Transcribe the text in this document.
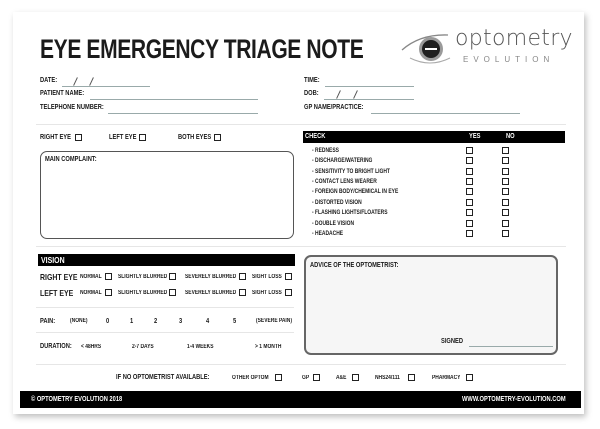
EYE EMERGENCY TRIAGE NOTE	optometry
EVOLUTION
DATE:
PATIENT NAME:
TELEPHONE NUMBER:
TIME:
DOB:
GP NAME/PRACTICE:
RIGHT EYE	LEFT EYE	BOTH EYES
MAIN COMPLAINT:
CHECK	YES	NO
- REDNESS
- DISCHARGE/WATERING
- SENSITIVITY TO BRIGHT LIGHT
- CONTACT LENS WEARER
- FOREIGN BODY/CHEMICAL IN EYE
- DISTORTED VISION
- FLASHING LIGHTS/FLOATERS
- DOUBLE VISION
- HEADACHE
VISION
RIGHT EYE NORMAL	SLIGHTLY BLURRED	SEVERELY BLURRED	SIGHT LOSS
LEFT EYE NORMAL	SLIGHTLY BLURRED	SEVERELY BLURRED	SIGHT LOSS
PAIN: (NONE)	0	1	2	3	4	5	(SEVERE PAIN)
DURATION: < 48HRS	2-7 DAYS	1-4 WEEKS	> 1 MONTH
ADVICE OF THE OPTOMETRIST:
SIGNED
IF NO OPTOMETRIST AVAILABLE:	OTHER OPTOM	GP	A&E	NHS24/111	PHARMACY
© OPTOMETRY EVOLUTION 2018	WWW.OPTOMETRY-EVOLUTION.COM
